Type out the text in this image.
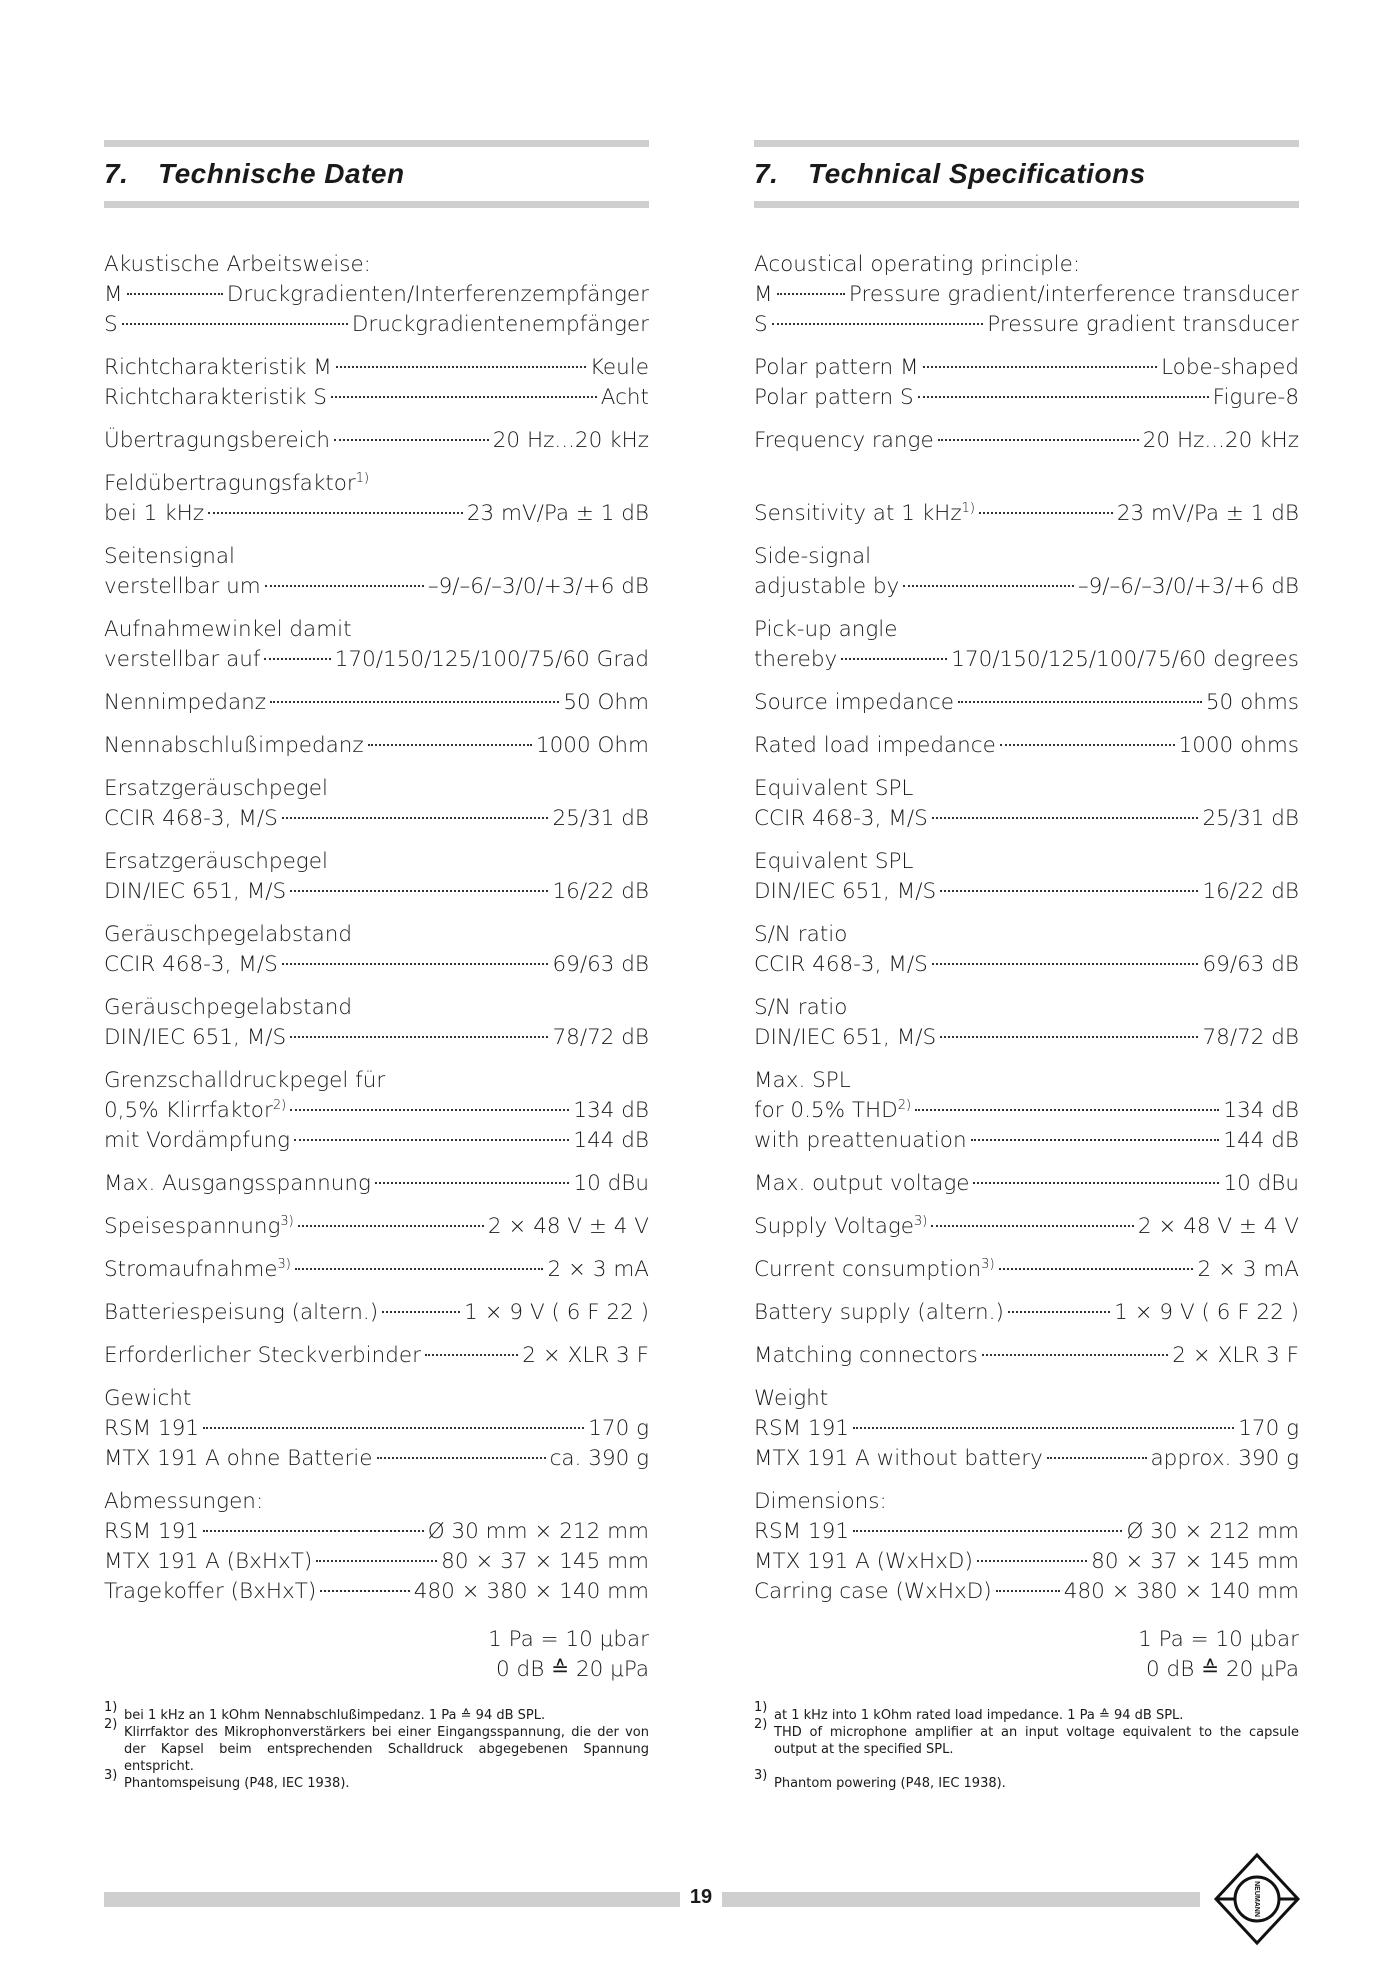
7. Technische Daten
Akustische Arbeitsweise:
M	Druckgradienten/Interferenzempfänger
S	Druckgradientenempfänger
Richtcharakteristik M	Keule
Richtcharakteristik S	Acht
Übertragungsbereich	20 Hz...20 kHz
Feldübertragungsfaktor$^{1)}$
bei 1 kHz	23 mV/Pa ± 1 dB
Seitensignal
verstellbar um	–9/–6/–3/0/+3/+6 dB
Aufnahmewinkel damit
verstellbar auf	170/150/125/100/75/60 Grad
Nennimpedanz	50 Ohm
Nennabschlußimpedanz	1000 Ohm
Ersatzgeräuschpegel
CCIR 468-3, M/S	25/31 dB
Ersatzgeräuschpegel
DIN/IEC 651, M/S	16/22 dB
Geräuschpegelabstand
CCIR 468-3, M/S	69/63 dB
Geräuschpegelabstand
DIN/IEC 651, M/S	78/72 dB
Grenzschalldruckpegel für
0,5% Klirrfaktor$^{2)}$	134 dB
mit Vordämpfung	144 dB
Max. Ausgangsspannung	10 dBu
Speisespannung$^{3)}$	2 × 48 V ± 4 V
Stromaufnahme$^{3)}$	2 × 3 mA
Batteriespeisung (altern.)	1 × 9 V ( 6 F 22 )
Erforderlicher Steckverbinder	2 × XLR 3 F
Gewicht
RSM 191	170 g
MTX 191 A ohne Batterie	ca. 390 g
Abmessungen:
RSM 191	Ø 30 mm × 212 mm
MTX 191 A (BxHxT)	80 × 37 × 145 mm
Tragekoffer (BxHxT)	480 × 380 × 140 mm
1 Pa = 10 μbar
0 dB ≙ 20 μPa
$^{1)}$
bei 1 kHz an 1 kOhm Nennabschlußimpedanz. 1 Pa ≙ 94 dB SPL.
$^{2)}$
Klirrfaktor des Mikrophonverstärkers bei einer Eingangsspannung, die der von der Kapsel beim entsprechenden Schalldruck abgegebenen Spannung entspricht.
$^{3)}$
Phantomspeisung (P48, IEC 1938).
7. Technical Specifications
Acoustical operating principle:
M	Pressure gradient/interference transducer
S	Pressure gradient transducer
Polar pattern M	Lobe-shaped
Polar pattern S	Figure-8
Frequency range	20 Hz...20 kHz
Sensitivity at 1 kHz$^{1)}$	23 mV/Pa ± 1 dB
Side-signal
adjustable by	–9/–6/–3/0/+3/+6 dB
Pick-up angle
thereby	170/150/125/100/75/60 degrees
Source impedance	50 ohms
Rated load impedance	1000 ohms
Equivalent SPL
CCIR 468-3, M/S	25/31 dB
Equivalent SPL
DIN/IEC 651, M/S	16/22 dB
S/N ratio
CCIR 468-3, M/S	69/63 dB
S/N ratio
DIN/IEC 651, M/S	78/72 dB
Max. SPL
for 0.5% THD$^{2)}$	134 dB
with preattenuation	144 dB
Max. output voltage	10 dBu
Supply Voltage$^{3)}$	2 × 48 V ± 4 V
Current consumption$^{3)}$	2 × 3 mA
Battery supply (altern.)	1 × 9 V ( 6 F 22 )
Matching connectors	2 × XLR 3 F
Weight
RSM 191	170 g
MTX 191 A without battery	approx. 390 g
Dimensions:
RSM 191	Ø 30 × 212 mm
MTX 191 A (WxHxD)	80 × 37 × 145 mm
Carring case (WxHxD)	480 × 380 × 140 mm
1 Pa = 10 μbar
0 dB ≙ 20 μPa
$^{1)}$
at 1 kHz into 1 kOhm rated load impedance. 1 Pa ≙ 94 dB SPL.
$^{2)}$
THD of microphone amplifier at an input voltage equivalent to the capsule output at the specified SPL.
$^{3)}$
Phantom powering (P48, IEC 1938).
19	NEUMANN
